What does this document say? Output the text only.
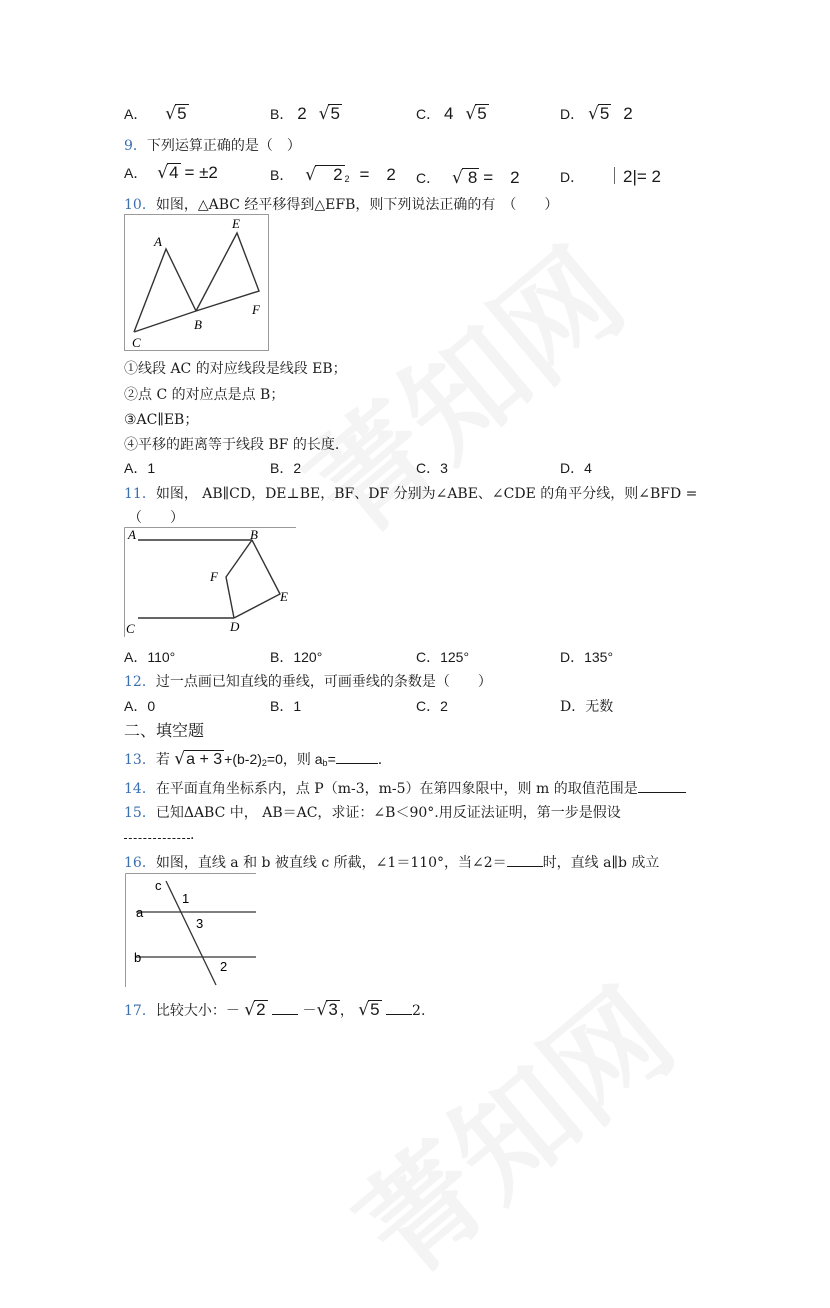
A． √5	B． 2 √5	C． 4 √5	D． √5 2
9．下列运算正确的是（　）
A． √4 = ±2	B． √ 2 $_2$ =　2 C． √ 8 =　2	D． ｜2|= 2
10．如图，△ABC 经平移得到△EFB，则下列说法正确的有　（　　）
A
E
B
F
C
①线段 AC 的对应线段是线段 EB；
②点 C 的对应点是点 B；
③AC∥EB；
④平移的距离等于线段 BF 的长度.
A．1	B．2	C．3	D．4
11．如图， AB∥CD，DE⊥BE，BF、DF 分别为∠ABE、∠CDE 的角平分线，则∠BFD =
（　　）
A	B
F
E
C	D
A．110°	B．120°	C．125°	D．135°
12．过一点画已知直线的垂线，可画垂线的条数是（　　）
A．0	B．1	C．2	D．无数
二、填空题
13．若 $√a + 3 +(b-2)_2=0$，则 $a_b=$	.
14．在平面直角坐标系内，点 P（m-3，m-5）在第四象限中，则 m 的取值范围是
15．已知ΔABC 中， AB＝AC，求证：∠B＜90°.用反证法证明，第一步是假设
.
16．如图，直线 a 和 b 被直线 c 所截，∠1＝110°，当∠2＝	时，直线 a∥b 成立
c
1
a
3
b
2
17．比较大小：－ √2	－√3 ， √5 2.
